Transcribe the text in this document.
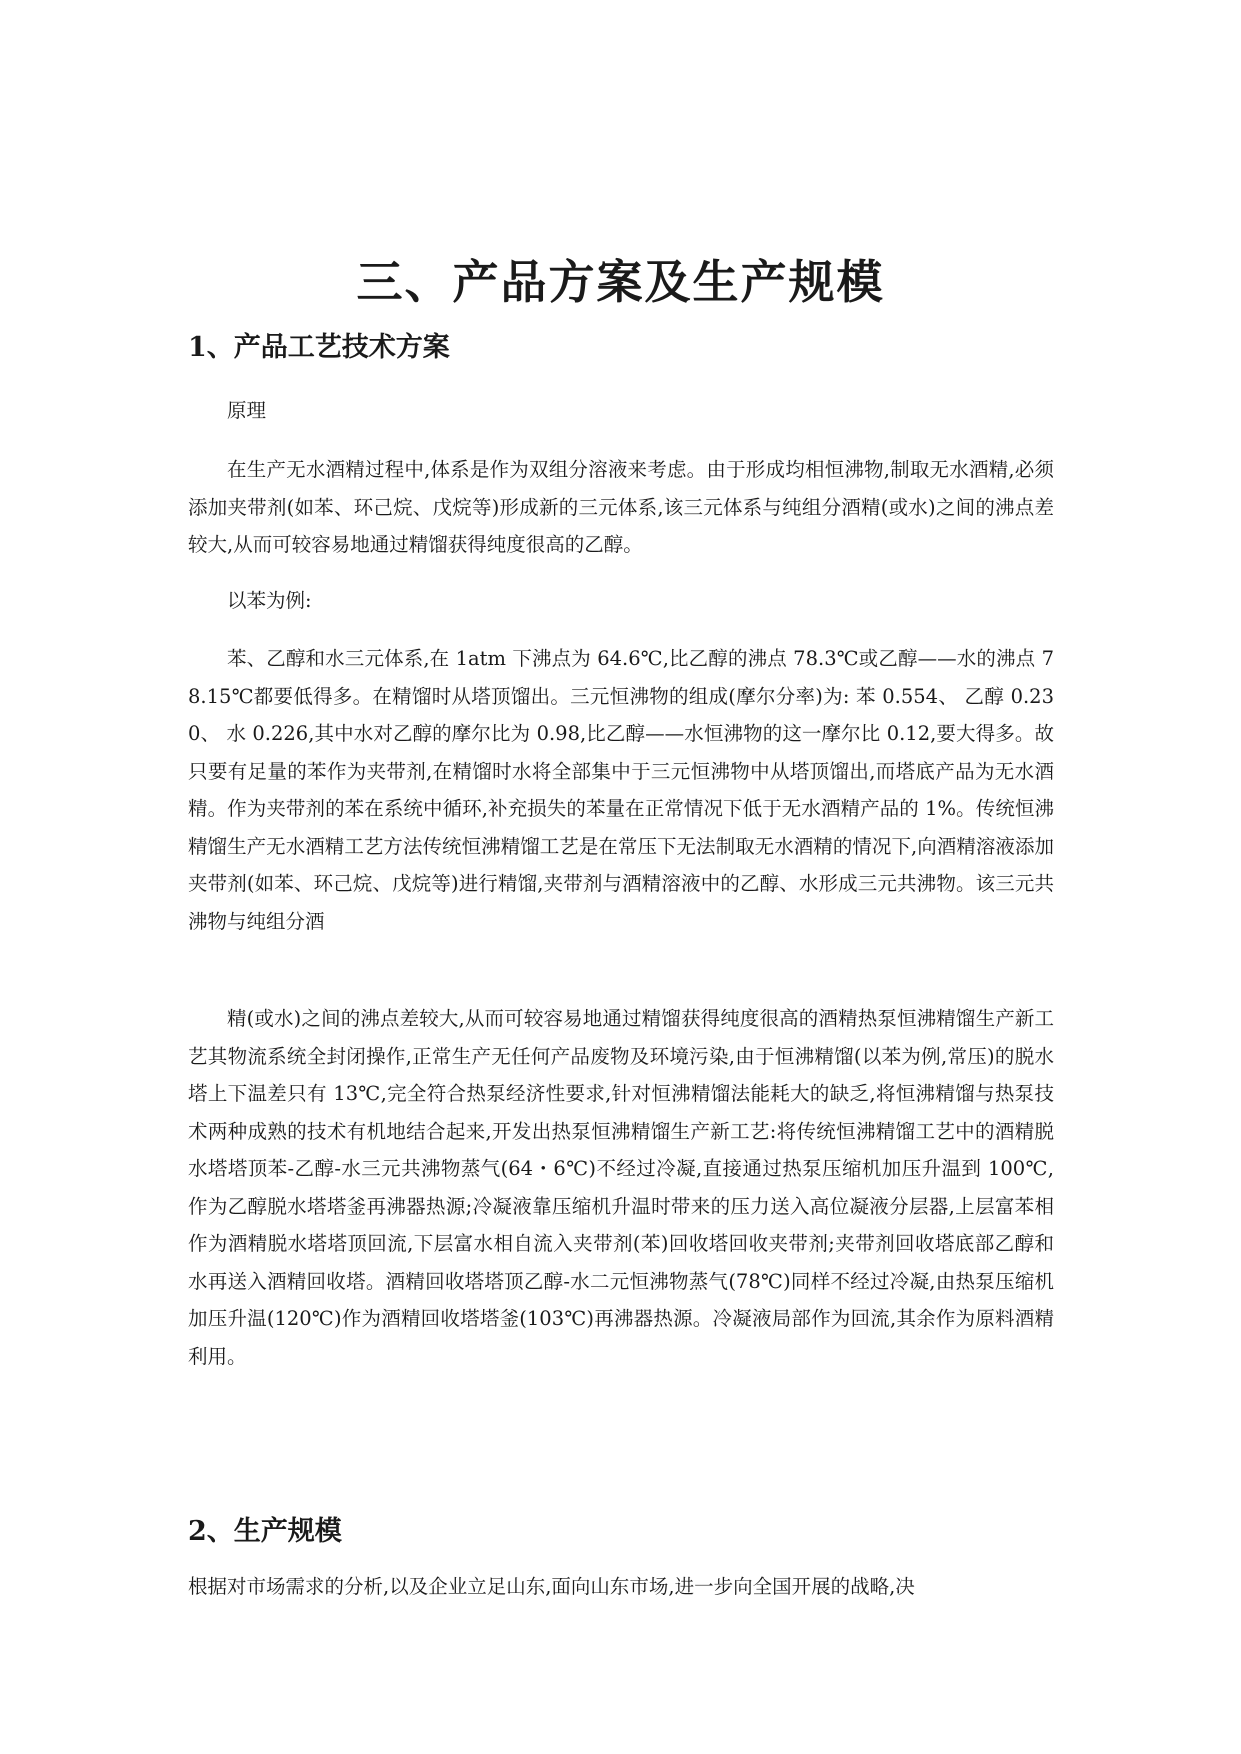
三、产品方案及生产规模
1、产品工艺技术方案

原理

在生产无水酒精过程中,体系是作为双组分溶液来考虑。由于形成均相恒沸物,制取无水酒精,必须添加夹带剂(如苯、环己烷、戊烷等)形成新的三元体系,该三元体系与纯组分酒精(或水)之间的沸点差较大,从而可较容易地通过精馏获得纯度很高的乙醇。

以苯为例:

苯、乙醇和水三元体系,在 1atm 下沸点为 64.6℃,比乙醇的沸点 78.3℃或乙醇——水的沸点 78.15℃都要低得多。在精馏时从塔顶馏出。三元恒沸物的组成(摩尔分率)为: 苯 0.554、 乙醇 0.230、 水 0.226,其中水对乙醇的摩尔比为 0.98,比乙醇——水恒沸物的这一摩尔比 0.12,要大得多。故只要有足量的苯作为夹带剂,在精馏时水将全部集中于三元恒沸物中从塔顶馏出,而塔底产品为无水酒精。作为夹带剂的苯在系统中循环,补充损失的苯量在正常情况下低于无水酒精产品的 1%。传统恒沸精馏生产无水酒精工艺方法传统恒沸精馏工艺是在常压下无法制取无水酒精的情况下,向酒精溶液添加夹带剂(如苯、环己烷、戊烷等)进行精馏,夹带剂与酒精溶液中的乙醇、水形成三元共沸物。该三元共沸物与纯组分酒

精(或水)之间的沸点差较大,从而可较容易地通过精馏获得纯度很高的酒精热泵恒沸精馏生产新工艺其物流系统全封闭操作,正常生产无任何产品废物及环境污染,由于恒沸精馏(以苯为例,常压)的脱水塔上下温差只有 13℃,完全符合热泵经济性要求,针对恒沸精馏法能耗大的缺乏,将恒沸精馏与热泵技术两种成熟的技术有机地结合起来,开发出热泵恒沸精馏生产新工艺:将传统恒沸精馏工艺中的酒精脱水塔塔顶苯-乙醇-水三元共沸物蒸气(64・6℃)不经过冷凝,直接通过热泵压缩机加压升温到 100℃,作为乙醇脱水塔塔釜再沸器热源;冷凝液靠压缩机升温时带来的压力送入高位凝液分层器,上层富苯相作为酒精脱水塔塔顶回流,下层富水相自流入夹带剂(苯)回收塔回收夹带剂;夹带剂回收塔底部乙醇和水再送入酒精回收塔。酒精回收塔塔顶乙醇-水二元恒沸物蒸气(78℃)同样不经过冷凝,由热泵压缩机加压升温(120℃)作为酒精回收塔塔釜(103℃)再沸器热源。冷凝液局部作为回流,其余作为原料酒精利用。

2、生产规模

根据对市场需求的分析,以及企业立足山东,面向山东市场,进一步向全国开展的战略,决
